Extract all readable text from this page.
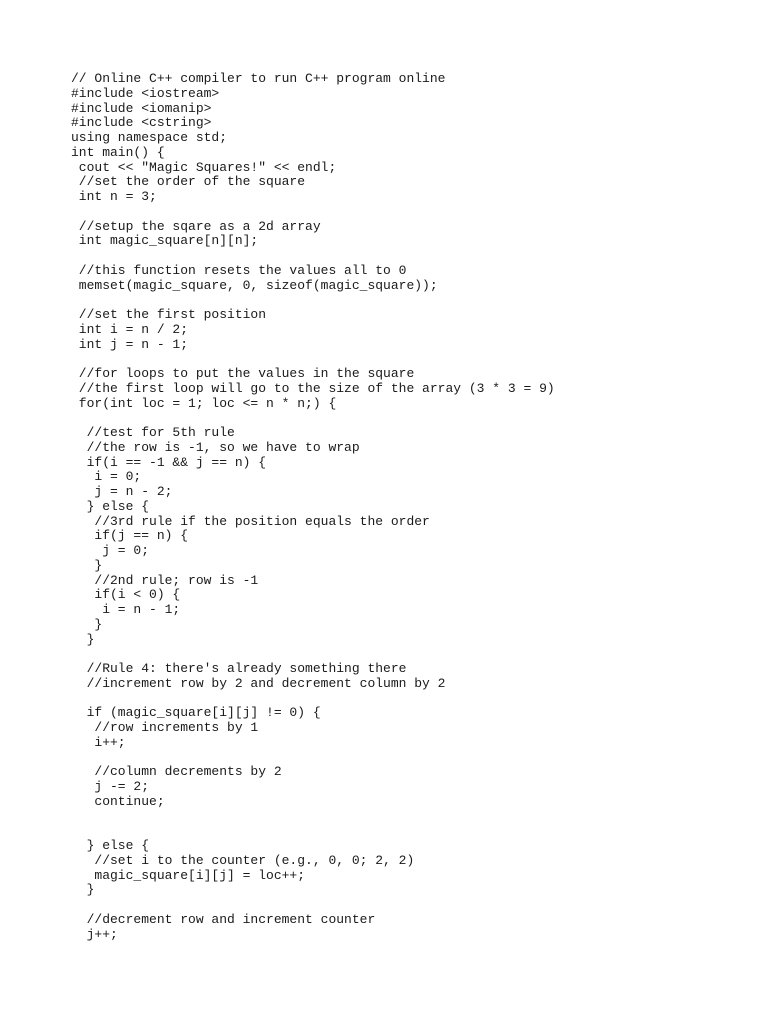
// Online C++ compiler to run C++ program online
#include <iostream>
#include <iomanip>
#include <cstring>
using namespace std;
int main() {
cout << "Magic Squares!" << endl;
//set the order of the square
int n = 3;
//setup the sqare as a 2d array
int magic_square[n][n];
//this function resets the values all to 0
memset(magic_square, 0, sizeof(magic_square));
//set the first position
int i = n / 2;
int j = n - 1;
//for loops to put the values in the square
//the first loop will go to the size of the array (3 * 3 = 9)
for(int loc = 1; loc <= n * n;) {
//test for 5th rule
//the row is -1, so we have to wrap
if(i == -1 && j == n) {
i = 0;
j = n - 2;
} else {
//3rd rule if the position equals the order
if(j == n) {
j = 0;
}
//2nd rule; row is -1
if(i < 0) {
i = n - 1;
}
}
//Rule 4: there's already something there
//increment row by 2 and decrement column by 2
if (magic_square[i][j] != 0) {
//row increments by 1
i++;
//column decrements by 2
j -= 2;
continue;
} else {
//set i to the counter (e.g., 0, 0; 2, 2)
magic_square[i][j] = loc++;
}
//decrement row and increment counter
j++;
